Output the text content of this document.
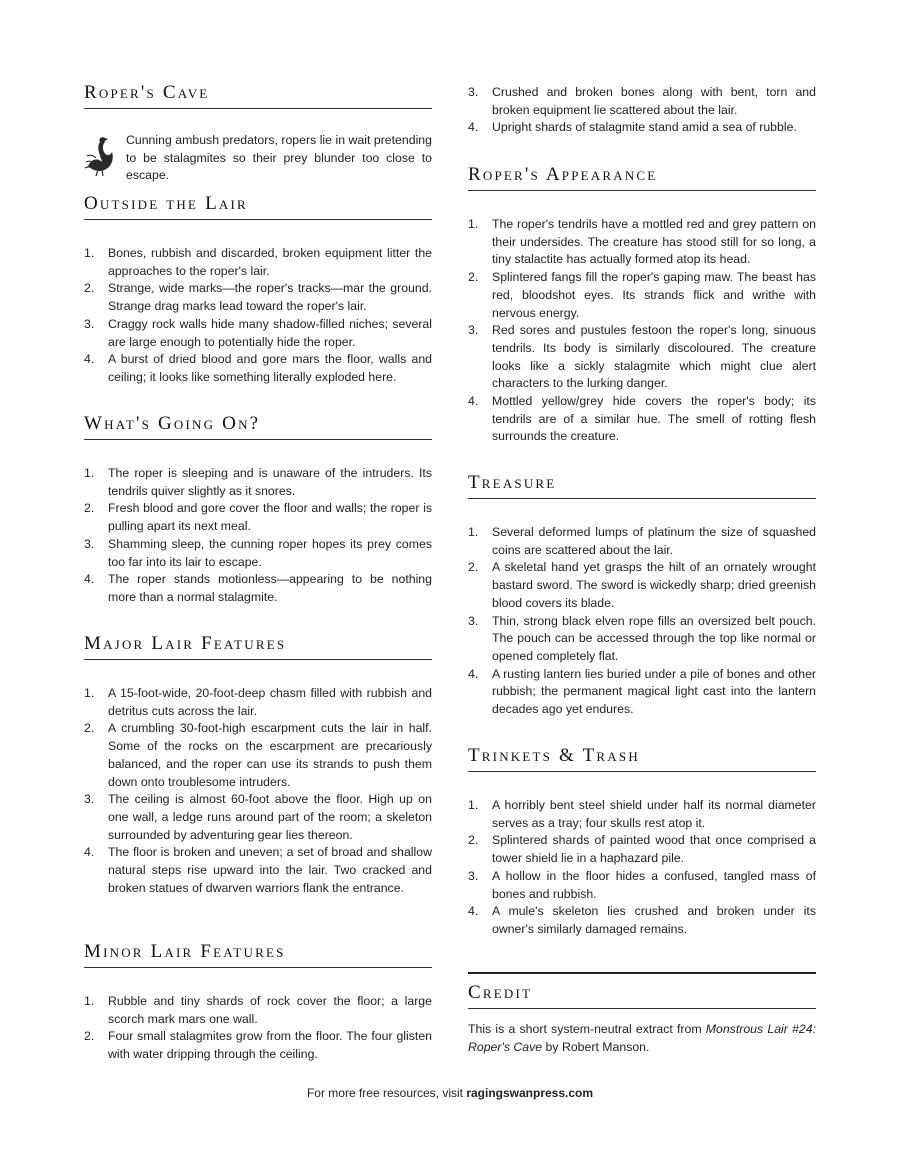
Roper's Cave

Cunning ambush predators, ropers lie in wait pretending to be stalagmites so their prey blunder too close to escape.

Outside the Lair
1. Bones, rubbish and discarded, broken equipment litter the approaches to the roper's lair.
2. Strange, wide marks—the roper's tracks—mar the ground. Strange drag marks lead toward the roper's lair.
3. Craggy rock walls hide many shadow-filled niches; several are large enough to potentially hide the roper.
4. A burst of dried blood and gore mars the floor, walls and ceiling; it looks like something literally exploded here.
What's Going On?
1. The roper is sleeping and is unaware of the intruders. Its tendrils quiver slightly as it snores.
2. Fresh blood and gore cover the floor and walls; the roper is pulling apart its next meal.
3. Shamming sleep, the cunning roper hopes its prey comes too far into its lair to escape.
4. The roper stands motionless—appearing to be nothing more than a normal stalagmite.
Major Lair Features
1. A 15-foot-wide, 20-foot-deep chasm filled with rubbish and detritus cuts across the lair.
2. A crumbling 30-foot-high escarpment cuts the lair in half. Some of the rocks on the escarpment are precariously balanced, and the roper can use its strands to push them down onto troublesome intruders.
3. The ceiling is almost 60-foot above the floor. High up on one wall, a ledge runs around part of the room; a skeleton surrounded by adventuring gear lies thereon.
4. The floor is broken and uneven; a set of broad and shallow natural steps rise upward into the lair. Two cracked and broken statues of dwarven warriors flank the entrance.
Minor Lair Features
1. Rubble and tiny shards of rock cover the floor; a large scorch mark mars one wall.
2. Four small stalagmites grow from the floor. The four glisten with water dripping through the ceiling.
3. Crushed and broken bones along with bent, torn and broken equipment lie scattered about the lair.
4. Upright shards of stalagmite stand amid a sea of rubble.
Roper's Appearance
1. The roper's tendrils have a mottled red and grey pattern on their undersides. The creature has stood still for so long, a tiny stalactite has actually formed atop its head.
2. Splintered fangs fill the roper's gaping maw. The beast has red, bloodshot eyes. Its strands flick and writhe with nervous energy.
3. Red sores and pustules festoon the roper's long, sinuous tendrils. Its body is similarly discoloured. The creature looks like a sickly stalagmite which might clue alert characters to the lurking danger.
4. Mottled yellow/grey hide covers the roper's body; its tendrils are of a similar hue. The smell of rotting flesh surrounds the creature.
Treasure
1. Several deformed lumps of platinum the size of squashed coins are scattered about the lair.
2. A skeletal hand yet grasps the hilt of an ornately wrought bastard sword. The sword is wickedly sharp; dried greenish blood covers its blade.
3. Thin, strong black elven rope fills an oversized belt pouch. The pouch can be accessed through the top like normal or opened completely flat.
4. A rusting lantern lies buried under a pile of bones and other rubbish; the permanent magical light cast into the lantern decades ago yet endures.
Trinkets & Trash
1. A horribly bent steel shield under half its normal diameter serves as a tray; four skulls rest atop it.
2. Splintered shards of painted wood that once comprised a tower shield lie in a haphazard pile.
3. A hollow in the floor hides a confused, tangled mass of bones and rubbish.
4. A mule's skeleton lies crushed and broken under its owner's similarly damaged remains.
Credit

This is a short system-neutral extract from Monstrous Lair #24: Roper's Cave by Robert Manson.

For more free resources, visit ragingswanpress.com
